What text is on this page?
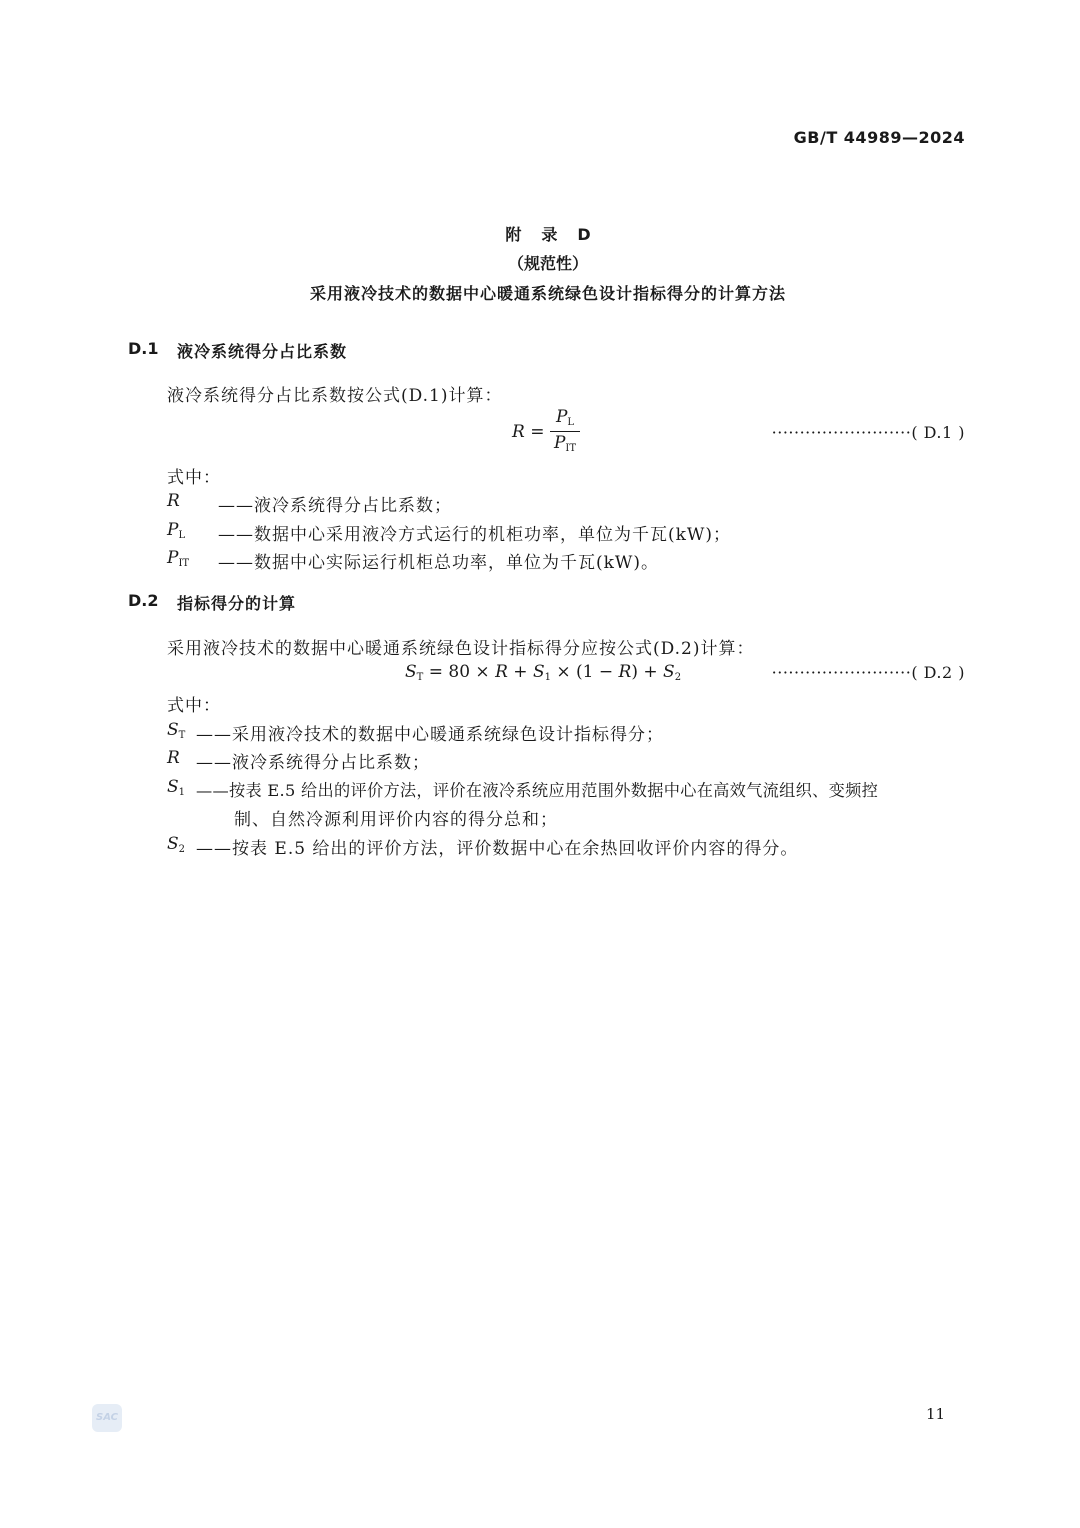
GB/T 44989—2024
附 录 D
（规范性）
采用液冷技术的数据中心暖通系统绿色设计指标得分的计算方法
D.1 液冷系统得分占比系数
液冷系统得分占比系数按公式(D.1)计算：
R =
$P_L$
$P_{IT}$
·························( D.1 )
式中：
R ——液冷系统得分占比系数；
$P_L$ ——数据中心采用液冷方式运行的机柜功率，单位为千瓦(kW)；
$P_{IT}$ ——数据中心实际运行机柜总功率，单位为千瓦(kW)。
D.2 指标得分的计算
采用液冷技术的数据中心暖通系统绿色设计指标得分应按公式(D.2)计算：
$S_T = 80 \times R + S_1 \times (1 - R) + S_2$	·························( D.2 )
式中：
$S_T$ ——采用液冷技术的数据中心暖通系统绿色设计指标得分；
R ——液冷系统得分占比系数；
$S_1$ ——按表 E.5 给出的评价方法，评价在液冷系统应用范围外数据中心在高效气流组织、变频控
制、自然冷源利用评价内容的得分总和；
$S_2$ ——按表 E.5 给出的评价方法，评价数据中心在余热回收评价内容的得分。
SAC	11
